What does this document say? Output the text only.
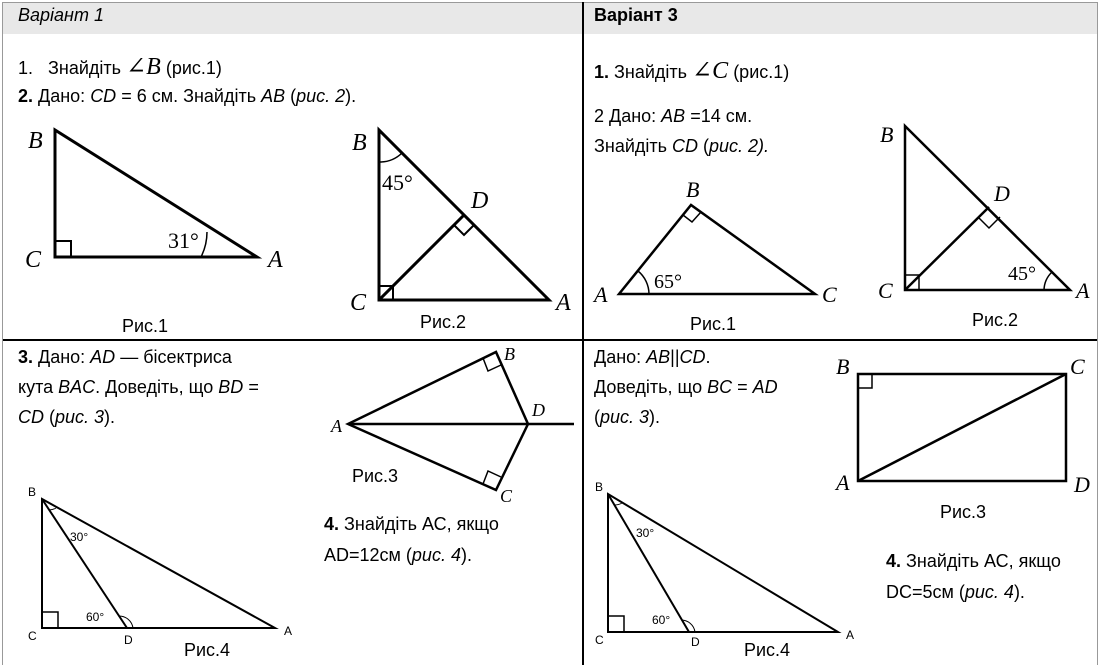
Варіант 1
1. Знайдіть ∠B (рис.1)
2. Дано: CD = 6 см. Знайдіть AB (рис. 2).
B
C	A
31°
Рис.1
B
C	A
D
45°
Рис.2
3. Дано: AD — бісектриса
кута BAC. Доведіть, що BD =
CD (рис. 3).	A
B
D
C
Рис.3
4. Знайдіть АС, якщо
AD=12см (рис. 4).
B
C	D
A
30°
60°
Рис.4
Варіант 3
1. Знайдіть ∠C (рис.1)
2 Дано: AB =14 см.
Знайдіть CD (рис. 2).
B
A	C
65°
Рис.1
B
D
C	A
45°
Рис.2
Дано: AB||CD.
Доведіть, що BC = AD
(рис. 3).
B	C
A	D
Рис.3
4. Знайдіть АС, якщо
DC=5см (рис. 4).
B
C	D	A
30°
60°
Рис.4
